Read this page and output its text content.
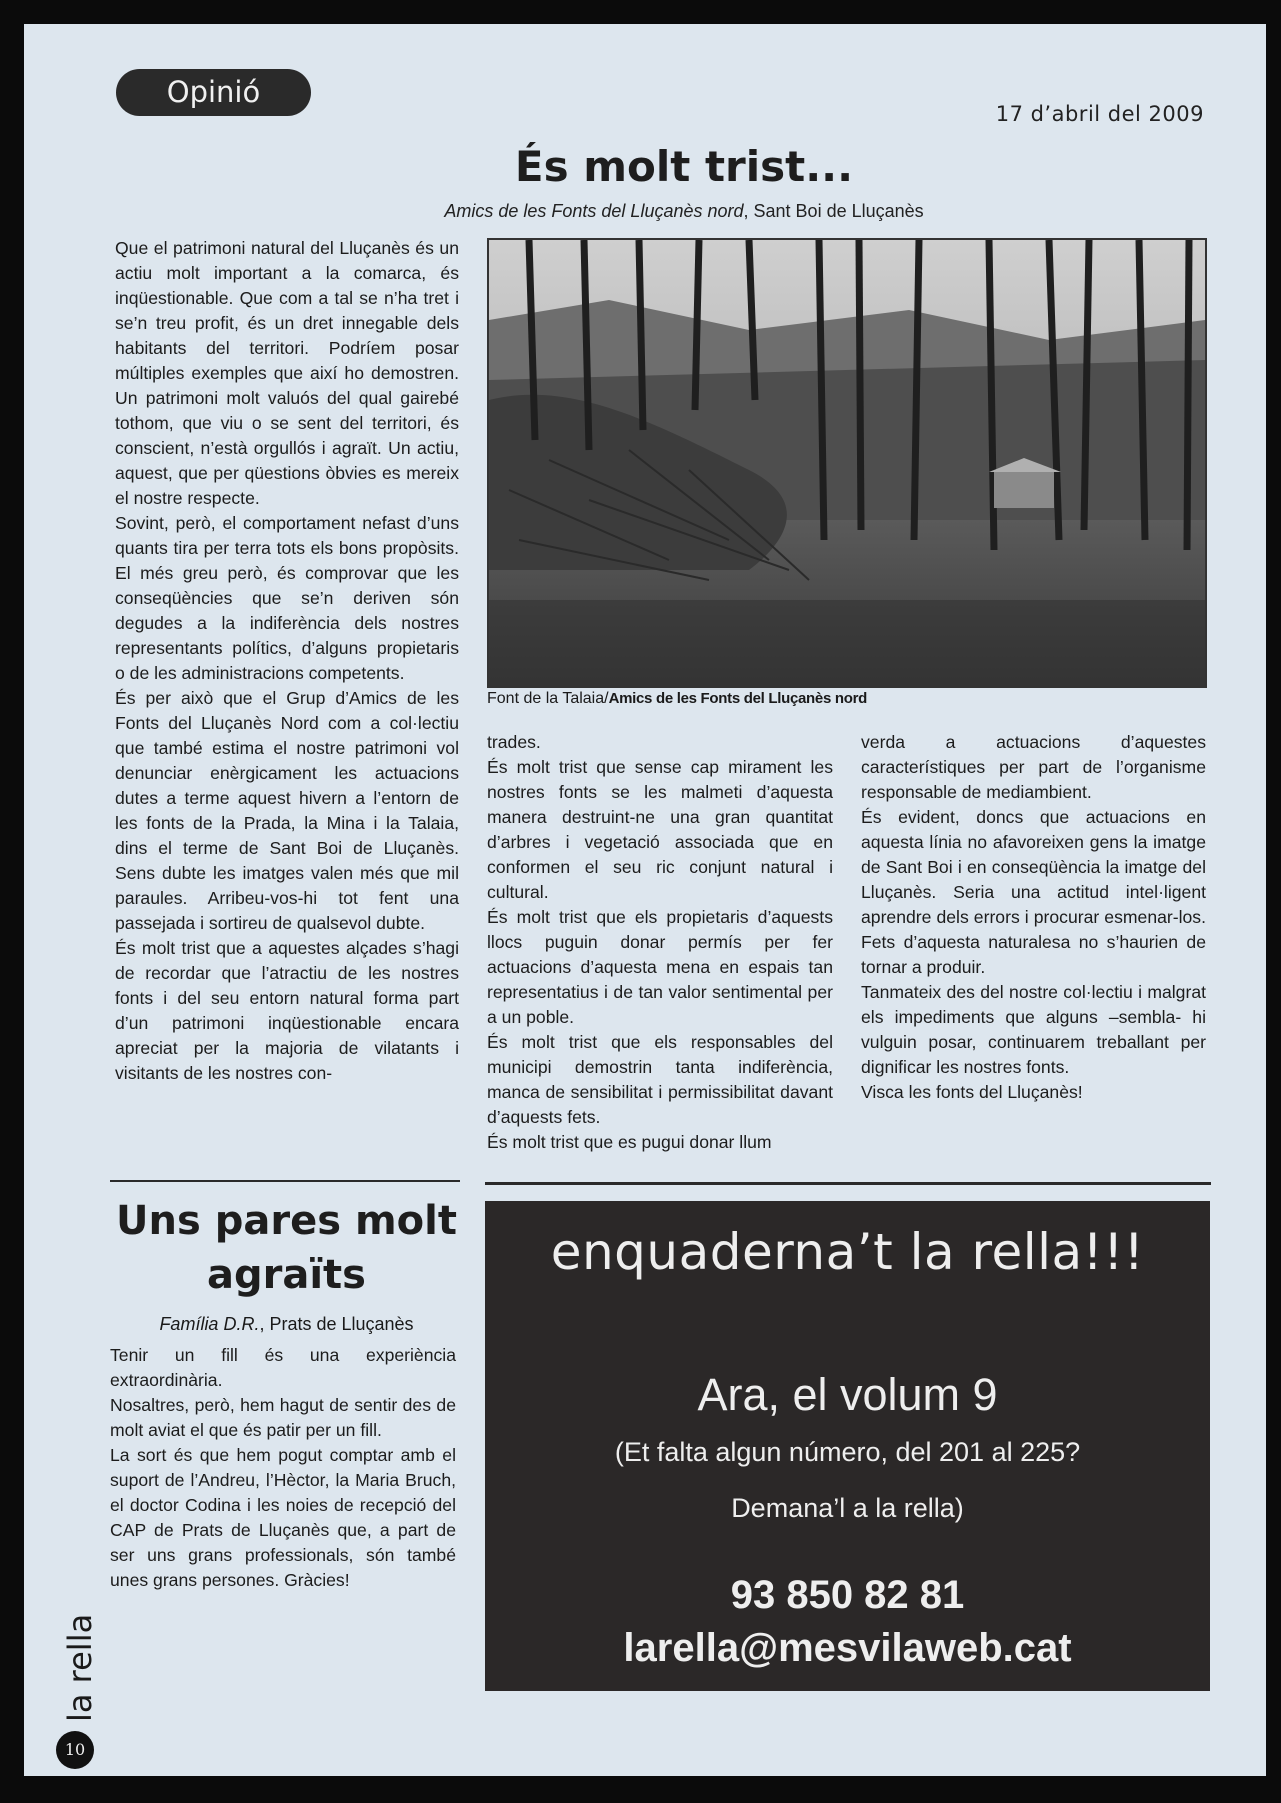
Opinió
17 d’abril del 2009
És molt trist...
Amics de les Fonts del Lluçanès nord, Sant Boi de Lluçanès

Que el patrimoni natural del Lluçanès és un actiu molt important a la comarca, és inqüestionable. Que com a tal se n’ha tret i se’n treu profit, és un dret innegable dels habitants del territori. Podríem posar múltiples exemples que així ho demostren. Un patrimoni molt valuós del qual gairebé tothom, que viu o se sent del territori, és conscient, n’està orgullós i agraït. Un actiu, aquest, que per qüestions òbvies es mereix el nostre respecte.

Sovint, però, el comportament nefast d’uns quants tira per terra tots els bons propòsits. El més greu però, és comprovar que les conseqüències que se’n deriven són degudes a la indiferència dels nostres representants polítics, d’alguns propietaris o de les administracions competents.

És per això que el Grup d’Amics de les Fonts del Lluçanès Nord com a col·lectiu que també estima el nostre patrimoni vol denunciar enèrgicament les actuacions dutes a terme aquest hivern a l’entorn de les fonts de la Prada, la Mina i la Talaia, dins el terme de Sant Boi de Lluçanès. Sens dubte les imatges valen més que mil paraules. Arribeu-vos-hi tot fent una passejada i sortireu de qualsevol dubte.

És molt trist que a aquestes alçades s’hagi de recordar que l’atractiu de les nostres fonts i del seu entorn natural forma part d’un patrimoni inqüestionable encara apreciat per la majoria de vilatants i visitants de les nostres con-

Font de la Talaia/Amics de les Fonts del Lluçanès nord

trades.

És molt trist que sense cap mirament les nostres fonts se les malmeti d’aquesta manera destruint-ne una gran quantitat d’arbres i vegetació associada que en conformen el seu ric conjunt natural i cultural.

És molt trist que els propietaris d’aquests llocs puguin donar permís per fer actuacions d’aquesta mena en espais tan representatius i de tan valor sentimental per a un poble.

És molt trist que els responsables del municipi demostrin tanta indiferència, manca de sensibilitat i permissibilitat davant d’aquests fets.

És molt trist que es pugui donar llum

verda a actuacions d’aquestes característiques per part de l’organisme responsable de mediambient.

És evident, doncs que actuacions en aquesta línia no afavoreixen gens la imatge de Sant Boi i en conseqüència la imatge del Lluçanès. Seria una actitud intel·ligent aprendre dels errors i procurar esmenar-los. Fets d’aquesta naturalesa no s’haurien de tornar a produir.

Tanmateix des del nostre col·lectiu i malgrat els impediments que alguns –sembla- hi vulguin posar, continuarem treballant per dignificar les nostres fonts.

Visca les fonts del Lluçanès!

Uns pares molt
agraïts
Família D.R., Prats de Lluçanès

Tenir un fill és una experiència extraordinària.

Nosaltres, però, hem hagut de sentir des de molt aviat el que és patir per un fill.

La sort és que hem pogut comptar amb el suport de l’Andreu, l’Hèctor, la Maria Bruch, el doctor Codina i les noies de recepció del CAP de Prats de Lluçanès que, a part de ser uns grans professionals, són també unes grans persones. Gràcies!

enquaderna’t la rella!!!
Ara, el volum 9
(Et falta algun número, del 201 al 225?
Demana’l a la rella)
93 850 82 81
larella@mesvilaweb.cat
la rella
10
